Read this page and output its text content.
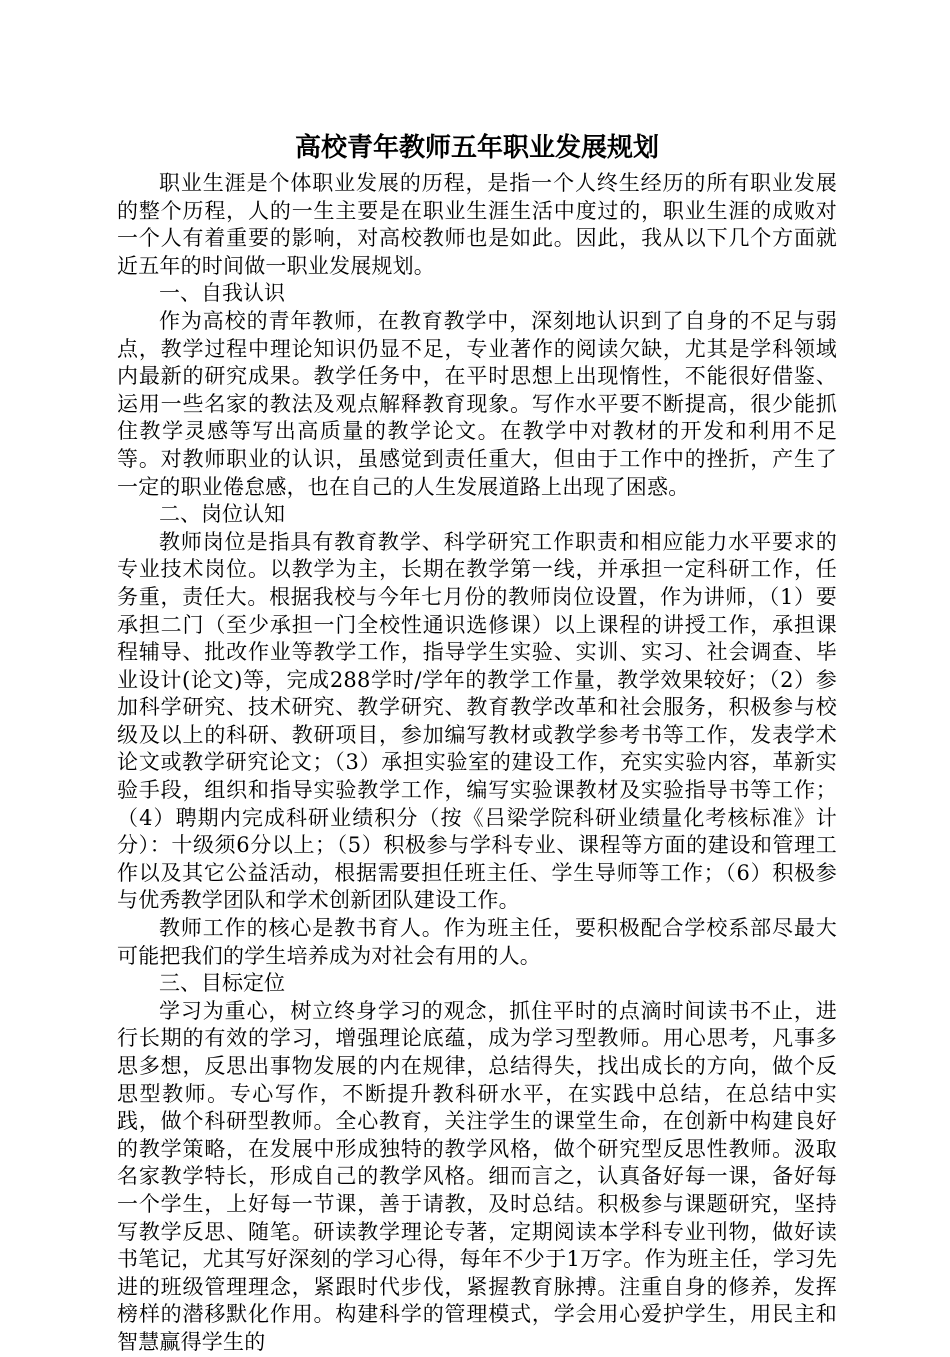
高校青年教师五年职业发展规划

职业生涯是个体职业发展的历程，是指一个人终生经历的所有职业发展的整个历程，人的一生主要是在职业生涯生活中度过的，职业生涯的成败对一个人有着重要的影响，对高校教师也是如此。因此，我从以下几个方面就近五年的时间做一职业发展规划。

一、自我认识

作为高校的青年教师，在教育教学中，深刻地认识到了自身的不足与弱点，教学过程中理论知识仍显不足，专业著作的阅读欠缺，尤其是学科领域内最新的研究成果。教学任务中，在平时思想上出现惰性，不能很好借鉴、运用一些名家的教法及观点解释教育现象。写作水平要不断提高，很少能抓住教学灵感等写出高质量的教学论文。在教学中对教材的开发和利用不足等。对教师职业的认识，虽感觉到责任重大，但由于工作中的挫折，产生了一定的职业倦怠感，也在自己的人生发展道路上出现了困惑。

二、岗位认知

教师岗位是指具有教育教学、科学研究工作职责和相应能力水平要求的专业技术岗位。以教学为主，长期在教学第一线，并承担一定科研工作，任务重，责任大。根据我校与今年七月份的教师岗位设置，作为讲师，（1）要承担二门（至少承担一门全校性通识选修课）以上课程的讲授工作，承担课程辅导、批改作业等教学工作，指导学生实验、实训、实习、社会调查、毕业设计(论文)等，完成288学时/学年的教学工作量，教学效果较好；（2）参加科学研究、技术研究、教学研究、教育教学改革和社会服务，积极参与校级及以上的科研、教研项目，参加编写教材或教学参考书等工作，发表学术论文或教学研究论文；（3）承担实验室的建设工作，充实实验内容，革新实验手段，组织和指导实验教学工作，编写实验课教材及实验指导书等工作；（4）聘期内完成科研业绩积分（按《吕梁学院科研业绩量化考核标准》计分）：十级须6分以上；（5）积极参与学科专业、课程等方面的建设和管理工作以及其它公益活动，根据需要担任班主任、学生导师等工作；（6）积极参与优秀教学团队和学术创新团队建设工作。

教师工作的核心是教书育人。作为班主任，要积极配合学校系部尽最大可能把我们的学生培养成为对社会有用的人。

三、目标定位

学习为重心，树立终身学习的观念，抓住平时的点滴时间读书不止，进行长期的有效的学习，增强理论底蕴，成为学习型教师。用心思考，凡事多思多想，反思出事物发展的内在规律，总结得失，找出成长的方向，做个反思型教师。专心写作，不断提升教科研水平，在实践中总结，在总结中实践，做个科研型教师。全心教育，关注学生的课堂生命，在创新中构建良好的教学策略，在发展中形成独特的教学风格，做个研究型反思性教师。汲取名家教学特长，形成自己的教学风格。细而言之，认真备好每一课，备好每一个学生，上好每一节课，善于请教，及时总结。积极参与课题研究，坚持写教学反思、随笔。研读教学理论专著，定期阅读本学科专业刊物，做好读书笔记，尤其写好深刻的学习心得，每年不少于1万字。作为班主任，学习先进的班级管理理念，紧跟时代步伐，紧握教育脉搏。注重自身的修养，发挥榜样的潜移默化作用。构建科学的管理模式，学会用心爱护学生，用民主和智慧赢得学生的
